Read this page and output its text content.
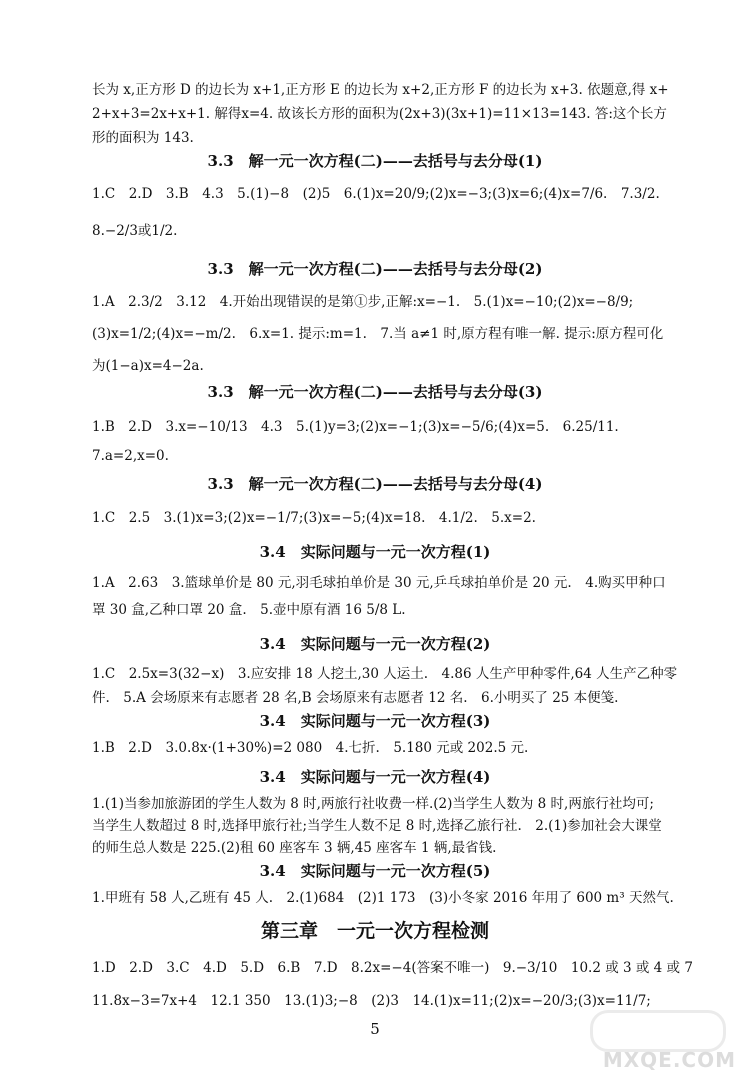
长为 x,正方形 D 的边长为 x+1,正方形 E 的边长为 x+2,正方形 F 的边长为 x+3. 依题意,得 x+
2+x+3=2x+x+1. 解得x=4. 故该长方形的面积为(2x+3)(3x+1)=11×13=143. 答:这个长方
形的面积为 143.
3.3　解一元一次方程(二)——去括号与去分母(1)
1.C　2.D　3.B　4.3　5.(1)−8　(2)5　6.(1)x=20/9;(2)x=−3;(3)x=6;(4)x=7/6.　7.3/2.
8.−2/3或1/2.
3.3　解一元一次方程(二)——去括号与去分母(2)
1.A　2.3/2　3.12　4.开始出现错误的是第①步,正解:x=−1.　5.(1)x=−10;(2)x=−8/9;
(3)x=1/2;(4)x=−m/2.　6.x=1. 提示:m=1.　7.当 a≠1 时,原方程有唯一解. 提示:原方程可化
为(1−a)x=4−2a.
3.3　解一元一次方程(二)——去括号与去分母(3)
1.B　2.D　3.x=−10/13　4.3　5.(1)y=3;(2)x=−1;(3)x=−5/6;(4)x=5.　6.25/11.
7.a=2,x=0.
3.3　解一元一次方程(二)——去括号与去分母(4)
1.C　2.5　3.(1)x=3;(2)x=−1/7;(3)x=−5;(4)x=18.　4.1/2.　5.x=2.
3.4　实际问题与一元一次方程(1)
1.A　2.63　3.篮球单价是 80 元,羽毛球拍单价是 30 元,乒乓球拍单价是 20 元.　4.购买甲种口
罩 30 盒,乙种口罩 20 盒.　5.壶中原有酒 16 5/8 L.
3.4　实际问题与一元一次方程(2)
1.C　2.5x=3(32−x)　3.应安排 18 人挖土,30 人运土.　4.86 人生产甲种零件,64 人生产乙种零
件.　5.A 会场原来有志愿者 28 名,B 会场原来有志愿者 12 名.　6.小明买了 25 本便笺.
3.4　实际问题与一元一次方程(3)
1.B　2.D　3.0.8x·(1+30%)=2 080　4.七折.　5.180 元或 202.5 元.
3.4　实际问题与一元一次方程(4)
1.(1)当参加旅游团的学生人数为 8 时,两旅行社收费一样.(2)当学生人数为 8 时,两旅行社均可;
当学生人数超过 8 时,选择甲旅行社;当学生人数不足 8 时,选择乙旅行社.　2.(1)参加社会大课堂
的师生总人数是 225.(2)租 60 座客车 3 辆,45 座客车 1 辆,最省钱.
3.4　实际问题与一元一次方程(5)
1.甲班有 58 人,乙班有 45 人.　2.(1)684　(2)1 173　(3)小冬家 2016 年用了 600 m³ 天然气.
第三章　一元一次方程检测
1.D　2.D　3.C　4.D　5.D　6.B　7.D　8.2x=−4(答案不唯一)　9.−3/10　10.2 或 3 或 4 或 7
11.8x−3=7x+4　12.1 350　13.(1)3;−8　(2)3　14.(1)x=11;(2)x=−20/3;(3)x=11/7;
5
MXQE.COM
